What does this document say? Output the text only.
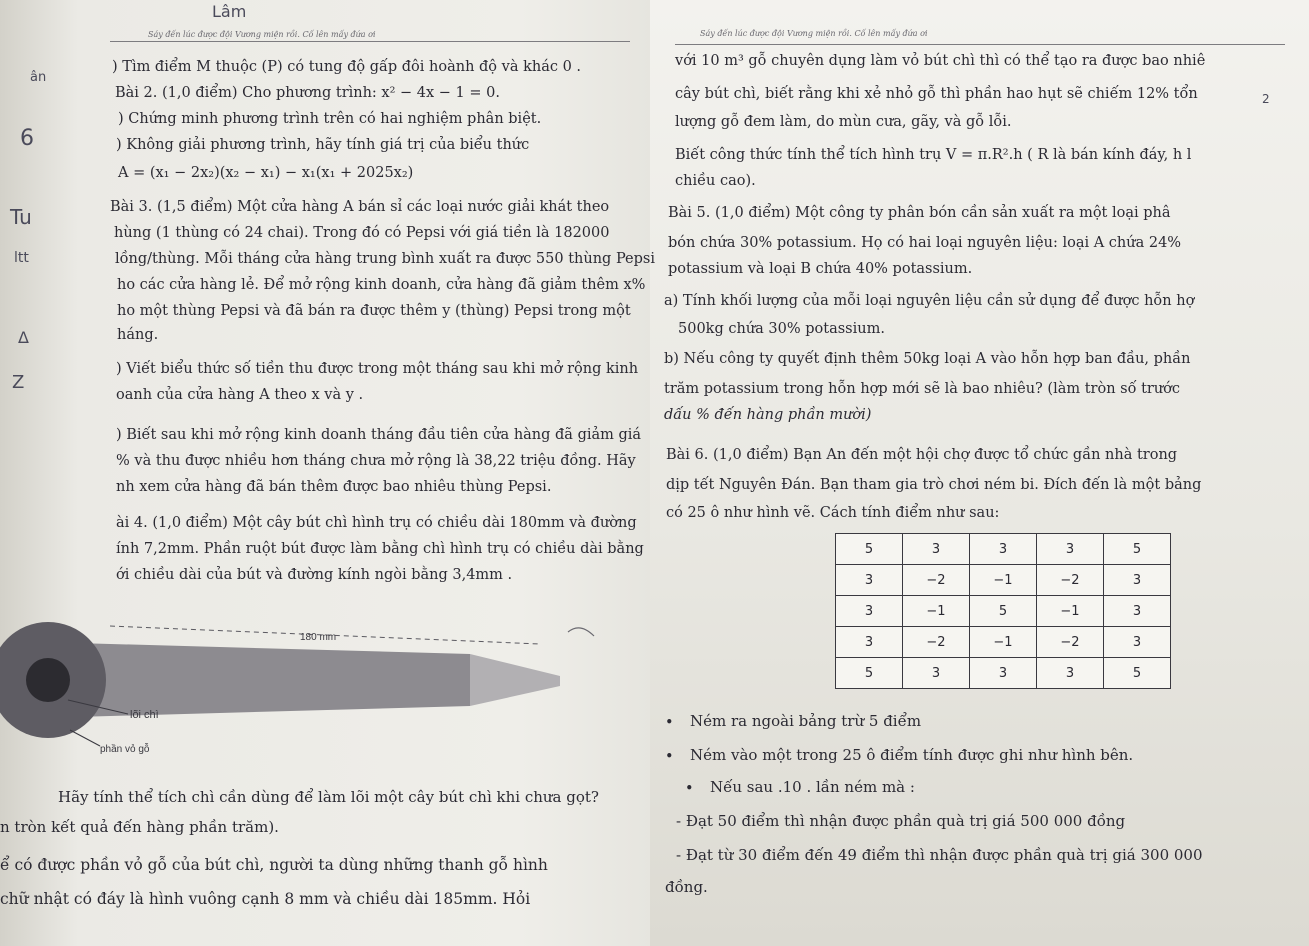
Sáy đến lúc được đội Vương miện rồi. Cố lên mấy đứa ơi	Sáy đến lúc được đội Vương miện rồi. Cố lên mấy đứa ơi
Lâm
ân
6
Tu
ltt
Δ
Z
2
) Tìm điểm M thuộc (P) có tung độ gấp đôi hoành độ và khác 0 .
Bài 2. (1,0 điểm) Cho phương trình: x² − 4x − 1 = 0.
) Chứng minh phương trình trên có hai nghiệm phân biệt.
) Không giải phương trình, hãy tính giá trị của biểu thức
A = (x₁ − 2x₂)(x₂ − x₁) − x₁(x₁ + 2025x₂)
Bài 3. (1,5 điểm) Một cửa hàng A bán sỉ các loại nước giải khát theo
hùng (1 thùng có 24 chai). Trong đó có Pepsi với giá tiền là 182000
lồng/thùng. Mỗi tháng cửa hàng trung bình xuất ra được 550 thùng Pepsi
ho các cửa hàng lẻ. Để mở rộng kinh doanh, cửa hàng đã giảm thêm x%
ho một thùng Pepsi và đã bán ra được thêm y (thùng) Pepsi trong một
háng.
) Viết biểu thức số tiền thu được trong một tháng sau khi mở rộng kinh
oanh của cửa hàng A theo x và y .
) Biết sau khi mở rộng kinh doanh tháng đầu tiên cửa hàng đã giảm giá
% và thu được nhiều hơn tháng chưa mở rộng là 38,22 triệu đồng. Hãy
nh xem cửa hàng đã bán thêm được bao nhiêu thùng Pepsi.
ài 4. (1,0 điểm) Một cây bút chì hình trụ có chiều dài 180mm và đường
ính 7,2mm. Phần ruột bút được làm bằng chì hình trụ có chiều dài bằng
ới chiều dài của bút và đường kính ngòi bằng 3,4mm .
180 mm
lõi chì
phần vỏ gỗ
Hãy tính thể tích chì cần dùng để làm lõi một cây bút chì khi chưa gọt?
n tròn kết quả đến hàng phần trăm).
ể có được phần vỏ gỗ của bút chì, người ta dùng những thanh gỗ hình
chữ nhật có đáy là hình vuông cạnh 8 mm và chiều dài 185mm. Hỏi
với 10 m³ gỗ chuyên dụng làm vỏ bút chì thì có thể tạo ra được bao nhiê
cây bút chì, biết rằng khi xẻ nhỏ gỗ thì phần hao hụt sẽ chiếm 12% tổn
lượng gỗ đem làm, do mùn cưa, gãy, và gỗ lỗi.
Biết công thức tính thể tích hình trụ V = π.R².h ( R là bán kính đáy, h l
chiều cao).
Bài 5. (1,0 điểm) Một công ty phân bón cần sản xuất ra một loại phâ
bón chứa 30% potassium. Họ có hai loại nguyên liệu: loại A chứa 24%
potassium và loại B chứa 40% potassium.
a) Tính khối lượng của mỗi loại nguyên liệu cần sử dụng để được hỗn hợ
500kg chứa 30% potassium.
b) Nếu công ty quyết định thêm 50kg loại A vào hỗn hợp ban đầu, phần
trăm potassium trong hỗn hợp mới sẽ là bao nhiêu? (làm tròn số trước
dấu % đến hàng phần mười)
Bài 6. (1,0 điểm) Bạn An đến một hội chợ được tổ chức gần nhà trong
dịp tết Nguyên Đán. Bạn tham gia trò chơi ném bi. Đích đến là một bảng
có 25 ô như hình vẽ. Cách tính điểm như sau:
5	3	3	3	5
3	−2	−1	−2	3
3	−1	5	−1	3
3	−2	−1	−2	3
5	3	3	3	5
• Ném ra ngoài bảng trừ 5 điểm
• Ném vào một trong 25 ô điểm tính được ghi như hình bên.
• Nếu sau .10 . lần ném mà :
- Đạt 50 điểm thì nhận được phần quà trị giá 500 000 đồng
- Đạt từ 30 điểm đến 49 điểm thì nhận được phần quà trị giá 300 000
đồng.
